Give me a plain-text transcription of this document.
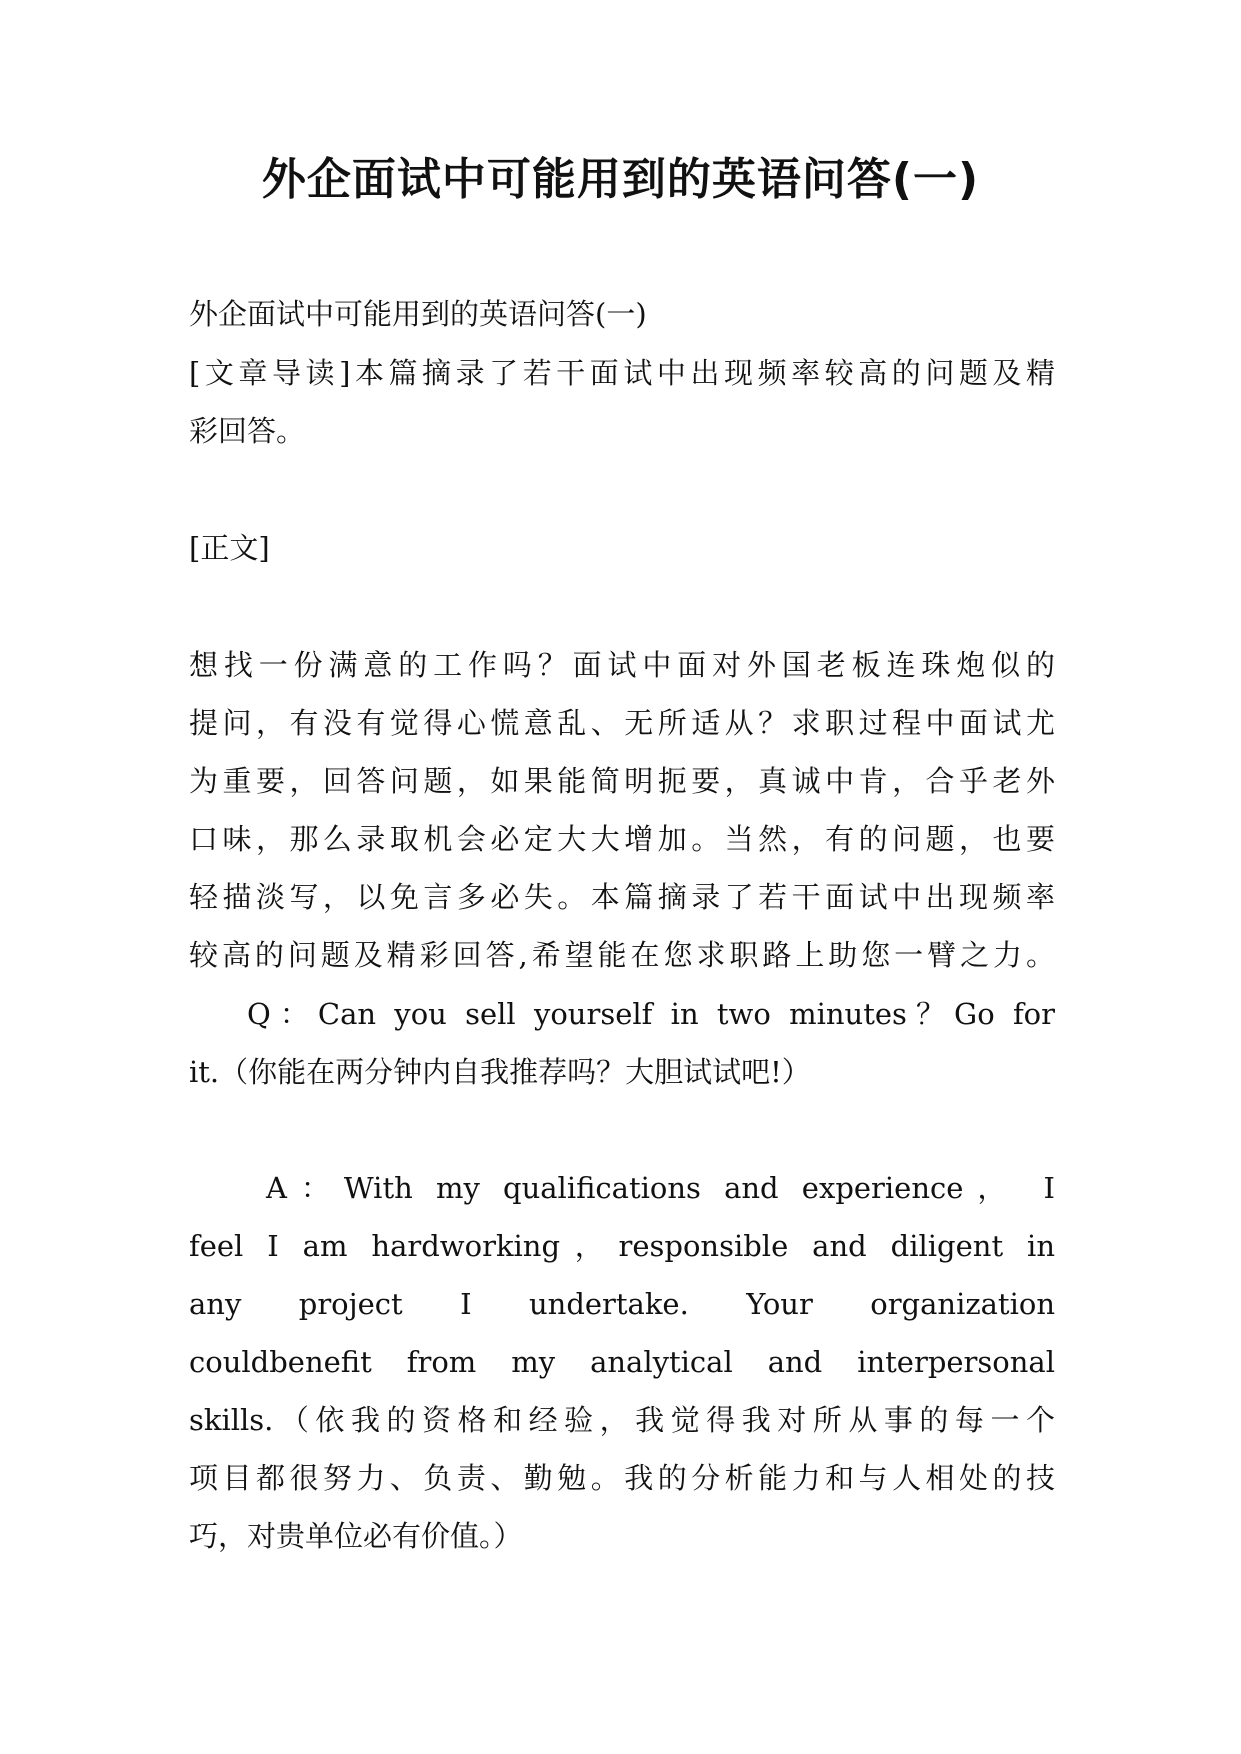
外企面试中可能用到的英语问答(一)

外企面试中可能用到的英语问答(一)

[文章导读]本篇摘录了若干面试中出现频率较高的问题及精
彩回答。

[正文]

想找一份满意的工作吗？面试中面对外国老板连珠炮似的
提问，有没有觉得心慌意乱、无所适从？求职过程中面试尤
为重要，回答问题，如果能简明扼要，真诚中肯，合乎老外
口味，那么录取机会必定大大增加。当然，有的问题，也要
轻描淡写，以免言多必失。本篇摘录了若干面试中出现频率
较高的问题及精彩回答,希望能在您求职路上助您一臂之力。

Q：Can you sell yourself in two minutes？Go for
it.（你能在两分钟内自我推荐吗？大胆试试吧!）

A：With my qualifications and experience， I
feel I am hardworking，responsible and diligent in
any project I undertake. Your organization
couldbenefit from my analytical and interpersonal
skills.（依我的资格和经验，我觉得我对所从事的每一个
项目都很努力、负责、勤勉。我的分析能力和与人相处的技
巧，对贵单位必有价值。）
